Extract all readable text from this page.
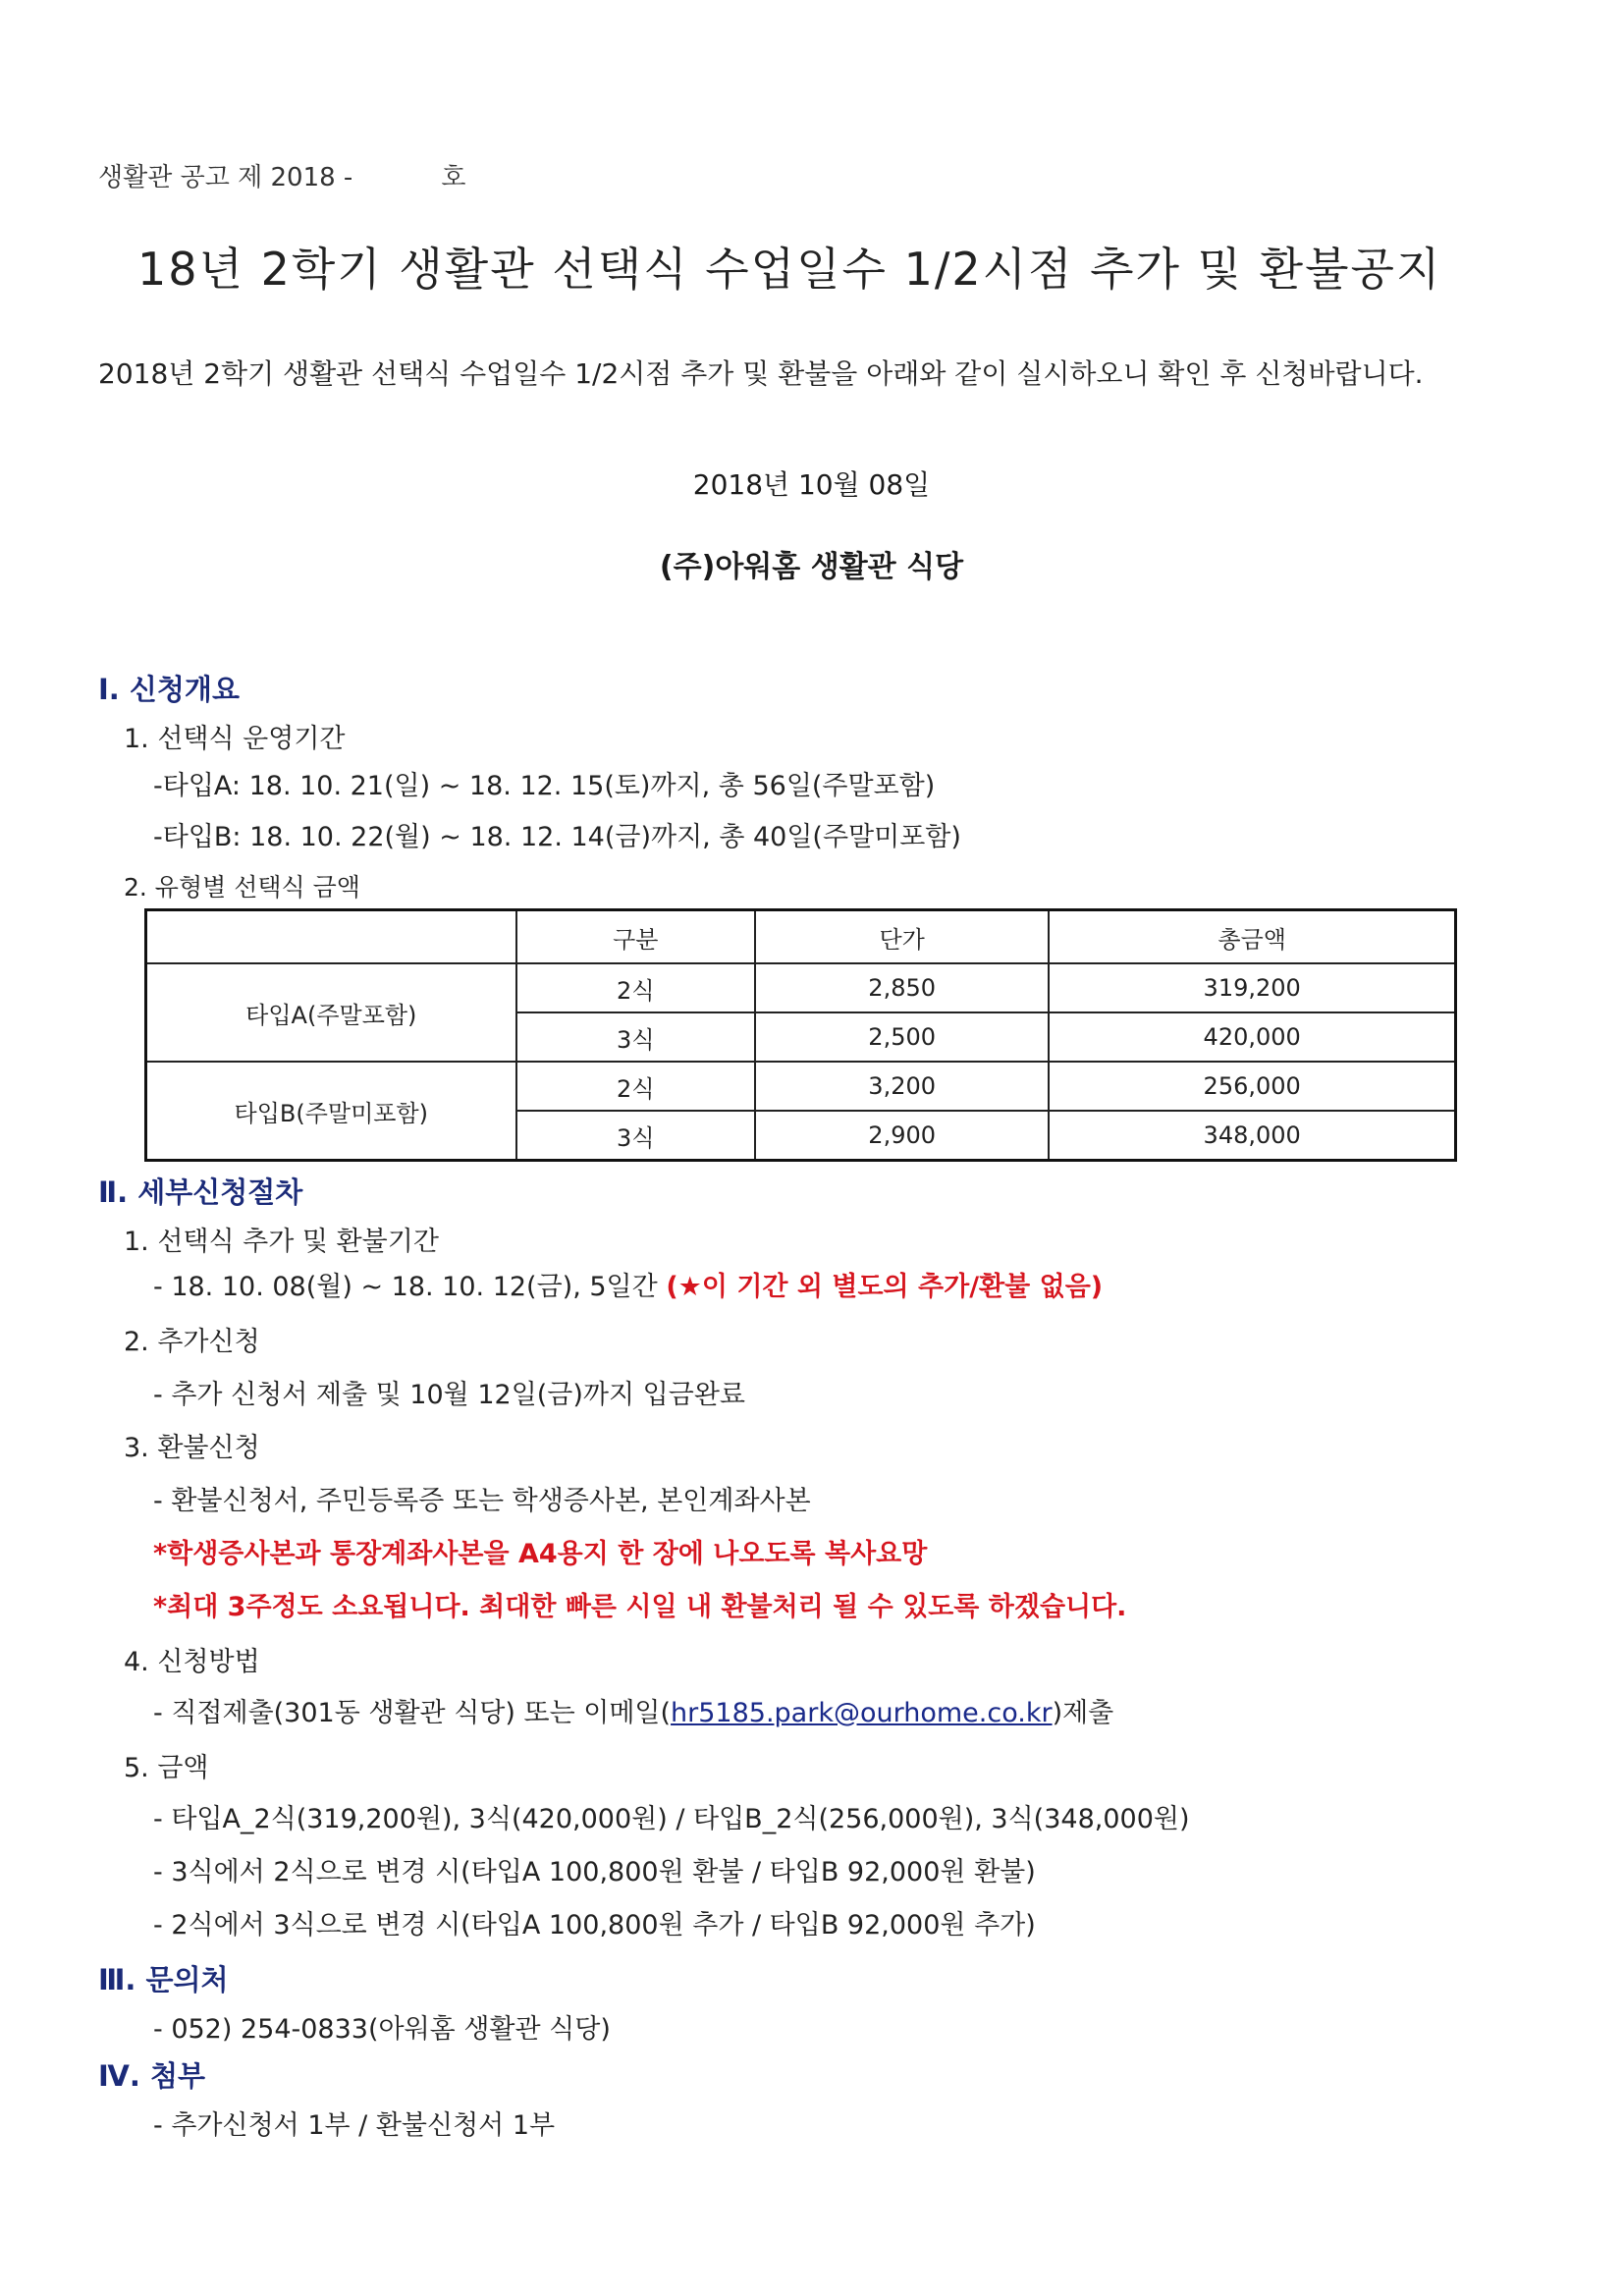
생활관 공고 제 2018 -	호
18년 2학기 생활관 선택식 수업일수 1/2시점 추가 및 환불공지
2018년 2학기 생활관 선택식 수업일수 1/2시점 추가 및 환불을 아래와 같이 실시하오니 확인 후 신청바랍니다.
2018년 10월 08일
(주)아워홈 생활관 식당
Ⅰ. 신청개요
1. 선택식 운영기간
-타입A: 18. 10. 21(일) ~ 18. 12. 15(토)까지, 총 56일(주말포함)
-타입B: 18. 10. 22(월) ~ 18. 12. 14(금)까지, 총 40일(주말미포함)
2. 유형별 선택식 금액
	구분	단가	총금액
타입A(주말포함)	2식	2,850	319,200
	3식	2,500	420,000
타입B(주말미포함)	2식	3,200	256,000
	3식	2,900	348,000
Ⅱ. 세부신청절차
1. 선택식 추가 및 환불기간
- 18. 10. 08(월) ~ 18. 10. 12(금), 5일간 (★이 기간 외 별도의 추가/환불 없음)
2. 추가신청
- 추가 신청서 제출 및 10월 12일(금)까지 입금완료
3. 환불신청
- 환불신청서, 주민등록증 또는 학생증사본, 본인계좌사본
*학생증사본과 통장계좌사본을 A4용지 한 장에 나오도록 복사요망
*최대 3주정도 소요됩니다. 최대한 빠른 시일 내 환불처리 될 수 있도록 하겠습니다.
4. 신청방법
- 직접제출(301동 생활관 식당) 또는 이메일(hr5185.park@ourhome.co.kr)제출
5. 금액
- 타입A_2식(319,200원), 3식(420,000원) / 타입B_2식(256,000원), 3식(348,000원)
- 3식에서 2식으로 변경 시(타입A 100,800원 환불 / 타입B 92,000원 환불)
- 2식에서 3식으로 변경 시(타입A 100,800원 추가 / 타입B 92,000원 추가)
Ⅲ. 문의처
- 052) 254-0833(아워홈 생활관 식당)
Ⅳ. 첨부
- 추가신청서 1부 / 환불신청서 1부
